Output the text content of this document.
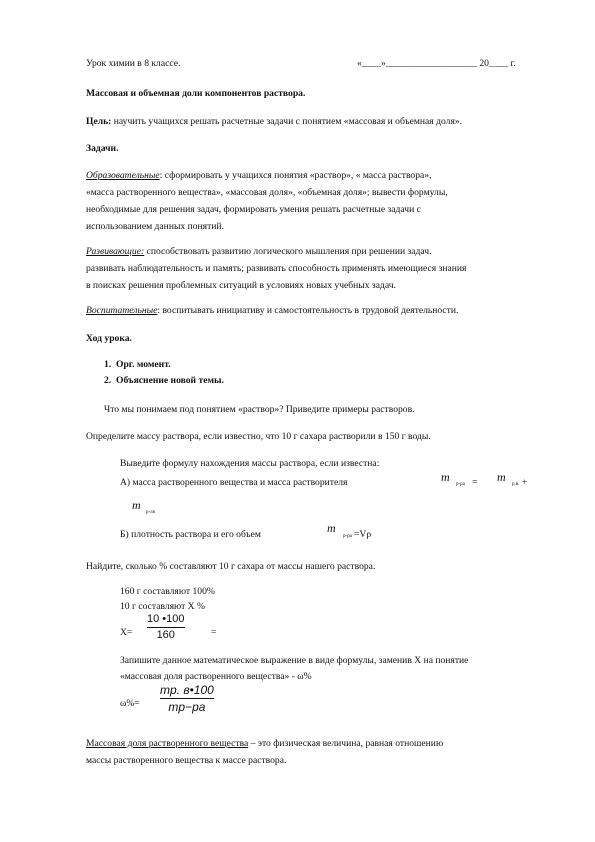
Урок химии в 8 классе.	«____»___________________ 20____ г.
Массовая и объемная доли компонентов раствора.
Цель: научить учащихся решать расчетные задачи с понятием «массовая и объемная доля».
Задачи.
Образовательные: сформировать у учащихся понятия «раствор», « масса раствора»,
«масса растворенного вещества», «массовая доля», «объемная доля»; вывести формулы,
необходимые для решения задач, формировать умения решать расчетные задачи с
использованием данных понятий.
Развивающие: способствовать развитию логического мышления при решении задач.
развивать наблюдательность и память; развивать способность применять имеющиеся знания
в поисках решения проблемных ситуаций в условиях новых учебных задач.
Воспитательные: воспитывать инициативу и самостоятельность в трудовой деятельности.
Ход урока.
1. Орг. момент.
2. Объяснение новой темы.
Что мы понимаем под понятием «раствор»? Приведите примеры растворов.
Определите массу раствора, если известно, что 10 г сахара растворили в 150 г воды.
Выведите формулу нахождения массы раствора, если известна:
А) масса растворенного вещества и масса растворителя	m
р-ра = m
р.в. +
m
р-ля
Б) плотность раствора и его объем	m
р-ра =Vρ
Найдите, сколько % составляют 10 г сахара от массы нашего раствора.
160 г составляют 100%
10 г составляют Х %
Х=
10 •100
160	=
Запишите данное математическое выражение в виде формулы, заменив Х на понятие
«массовая доля растворенного вещества» - ω%
ω%=
mр. в•100
mр−ра
Массовая доля растворенного вещества – это физическая величина, равная отношению
массы растворенного вещества к массе раствора.
